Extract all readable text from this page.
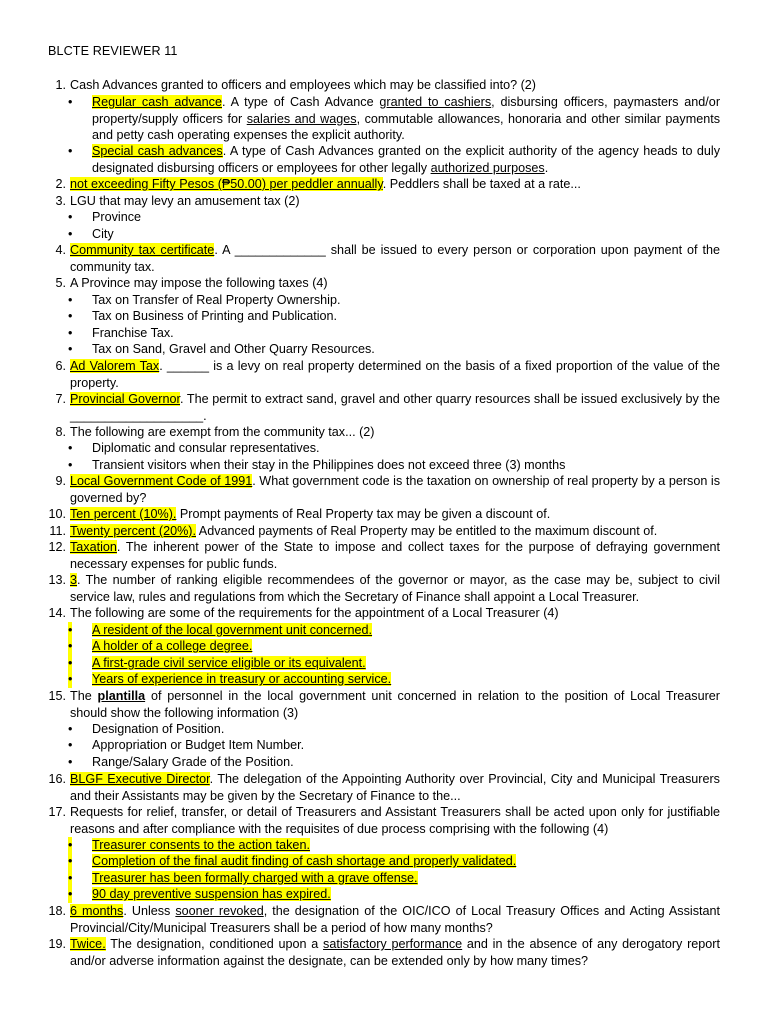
BLCTE REVIEWER 11
1. Cash Advances granted to officers and employees which may be classified into? (2)
• Regular cash advance. A type of Cash Advance granted to cashiers, disbursing officers, paymasters and/or property/supply officers for salaries and wages, commutable allowances, honoraria and other similar payments and petty cash operating expenses the explicit authority.
• Special cash advances. A type of Cash Advances granted on the explicit authority of the agency heads to duly designated disbursing officers or employees for other legally authorized purposes.
2. not exceeding Fifty Pesos (₱50.00) per peddler annually. Peddlers shall be taxed at a rate...
3. LGU that may levy an amusement tax (2)
• Province
• City
4. Community tax certificate. A _____________ shall be issued to every person or corporation upon payment of the community tax.
5. A Province may impose the following taxes (4)
• Tax on Transfer of Real Property Ownership.
• Tax on Business of Printing and Publication.
• Franchise Tax.
• Tax on Sand, Gravel and Other Quarry Resources.
6. Ad Valorem Tax. ______ is a levy on real property determined on the basis of a fixed proportion of the value of the property.
7. Provincial Governor. The permit to extract sand, gravel and other quarry resources shall be issued exclusively by the ___________________.
8. The following are exempt from the community tax... (2)
• Diplomatic and consular representatives.
• Transient visitors when their stay in the Philippines does not exceed three (3) months
9. Local Government Code of 1991. What government code is the taxation on ownership of real property by a person is governed by?
10. Ten percent (10%). Prompt payments of Real Property tax may be given a discount of.
11. Twenty percent (20%). Advanced payments of Real Property may be entitled to the maximum discount of.
12. Taxation. The inherent power of the State to impose and collect taxes for the purpose of defraying government necessary expenses for public funds.
13. 3. The number of ranking eligible recommendees of the governor or mayor, as the case may be, subject to civil service law, rules and regulations from which the Secretary of Finance shall appoint a Local Treasurer.
14. The following are some of the requirements for the appointment of a Local Treasurer (4)
• A resident of the local government unit concerned.
• A holder of a college degree.
• A first-grade civil service eligible or its equivalent.
• Years of experience in treasury or accounting service.
15. The plantilla of personnel in the local government unit concerned in relation to the position of Local Treasurer should show the following information (3)
• Designation of Position.
• Appropriation or Budget Item Number.
• Range/Salary Grade of the Position.
16. BLGF Executive Director. The delegation of the Appointing Authority over Provincial, City and Municipal Treasurers and their Assistants may be given by the Secretary of Finance to the...
17. Requests for relief, transfer, or detail of Treasurers and Assistant Treasurers shall be acted upon only for justifiable reasons and after compliance with the requisites of due process comprising with the following (4)
• Treasurer consents to the action taken.
• Completion of the final audit finding of cash shortage and properly validated.
• Treasurer has been formally charged with a grave offense.
• 90 day preventive suspension has expired.
18. 6 months. Unless sooner revoked, the designation of the OIC/ICO of Local Treasury Offices and Acting Assistant Provincial/City/Municipal Treasurers shall be a period of how many months?
19. Twice. The designation, conditioned upon a satisfactory performance and in the absence of any derogatory report and/or adverse information against the designate, can be extended only by how many times?
